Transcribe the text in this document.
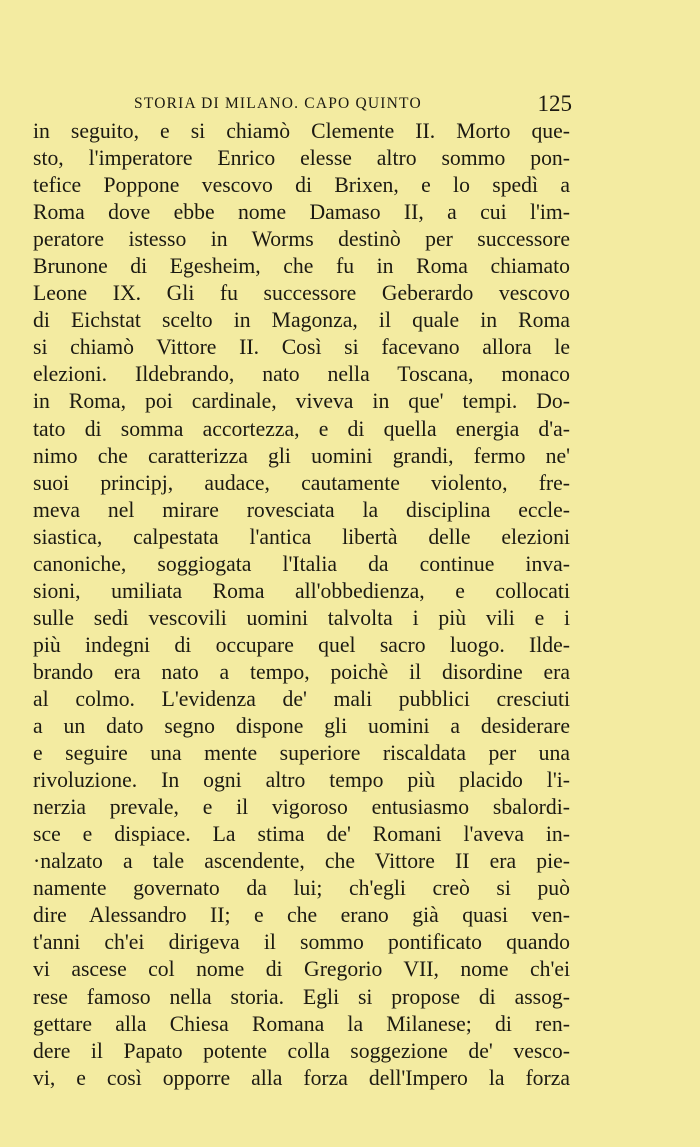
STORIA DI MILANO. CAPO QUINTO	125
in seguito, e si chiamò Clemente II. Morto que-
sto, l'imperatore Enrico elesse altro sommo pon-
tefice Poppone vescovo di Brixen, e lo spedì a
Roma dove ebbe nome Damaso II, a cui l'im-
peratore istesso in Worms destinò per successore
Brunone di Egesheim, che fu in Roma chiamato
Leone IX. Gli fu successore Geberardo vescovo
di Eichstat scelto in Magonza, il quale in Roma
si chiamò Vittore II. Così si facevano allora le
elezioni. Ildebrando, nato nella Toscana, monaco
in Roma, poi cardinale, viveva in que' tempi. Do-
tato di somma accortezza, e di quella energia d'a-
nimo che caratterizza gli uomini grandi, fermo ne'
suoi principj, audace, cautamente violento, fre-
meva nel mirare rovesciata la disciplina eccle-
siastica, calpestata l'antica libertà delle elezioni
canoniche, soggiogata l'Italia da continue inva-
sioni, umiliata Roma all'obbedienza, e collocati
sulle sedi vescovili uomini talvolta i più vili e i
più indegni di occupare quel sacro luogo. Ilde-
brando era nato a tempo, poichè il disordine era
al colmo. L'evidenza de' mali pubblici cresciuti
a un dato segno dispone gli uomini a desiderare
e seguire una mente superiore riscaldata per una
rivoluzione. In ogni altro tempo più placido l'i-
nerzia prevale, e il vigoroso entusiasmo sbalordi-
sce e dispiace. La stima de' Romani l'aveva in-
·nalzato a tale ascendente, che Vittore II era pie-
namente governato da lui; ch'egli creò si può
dire Alessandro II; e che erano già quasi ven-
t'anni ch'ei dirigeva il sommo pontificato quando
vi ascese col nome di Gregorio VII, nome ch'ei
rese famoso nella storia. Egli si propose di assog-
gettare alla Chiesa Romana la Milanese; di ren-
dere il Papato potente colla soggezione de' vesco-
vi, e così opporre alla forza dell'Impero la forza
